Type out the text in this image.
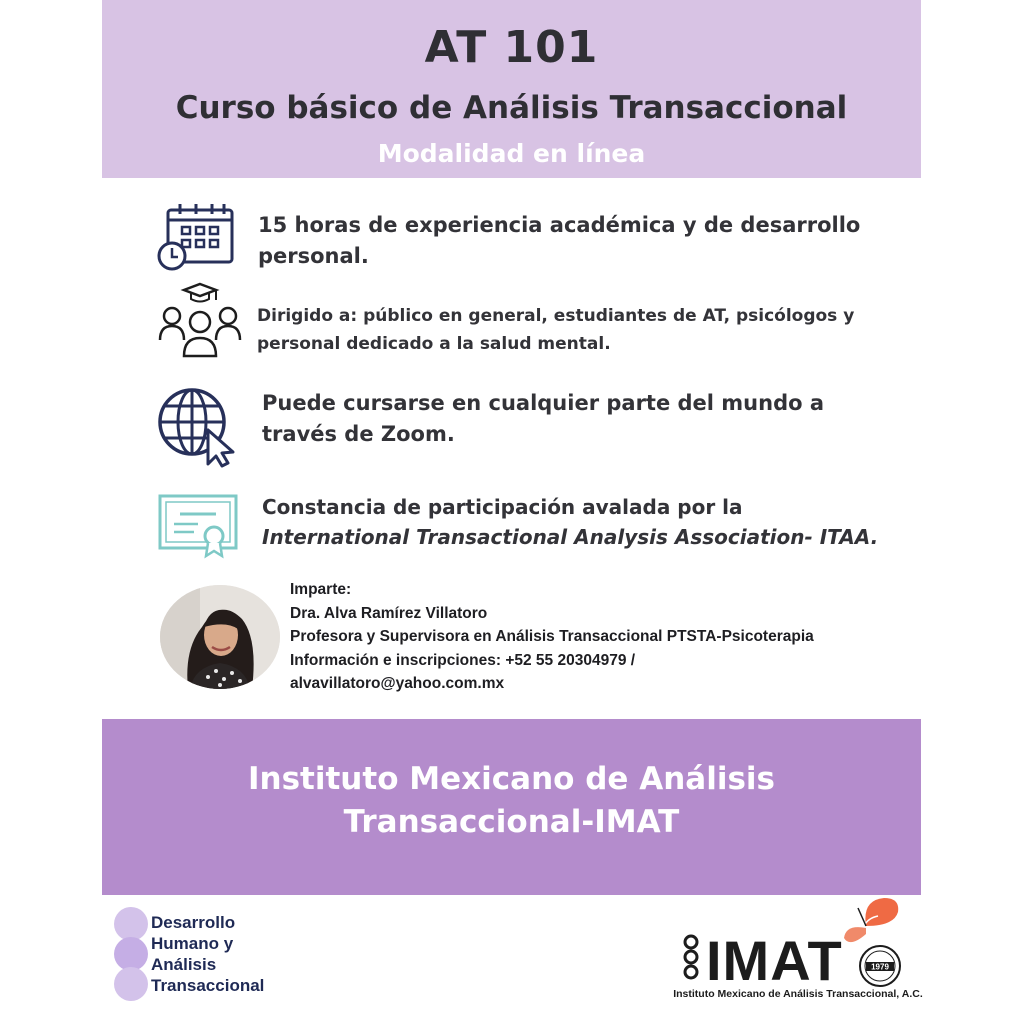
AT 101
Curso básico de Análisis Transaccional
Modalidad en línea
15 horas de experiencia académica y de desarrollo personal.
Dirigido a: público en general, estudiantes de AT, psicólogos y personal dedicado a la salud mental.
Puede cursarse en cualquier parte del mundo a través de Zoom.
Constancia de participación avalada por la
International Transactional Analysis Association- ITAA.
Imparte:
Dra. Alva Ramírez Villatoro
Profesora y Supervisora en Análisis Transaccional PTSTA-Psicoterapia
Información e inscripciones: +52 55 20304979 /
alvavillatoro@yahoo.com.mx
Instituto Mexicano de Análisis
Transaccional-IMAT
Desarrollo
Humano y
Análisis
Transaccional	IMAT	1979
Instituto Mexicano de Análisis Transaccional, A.C.
